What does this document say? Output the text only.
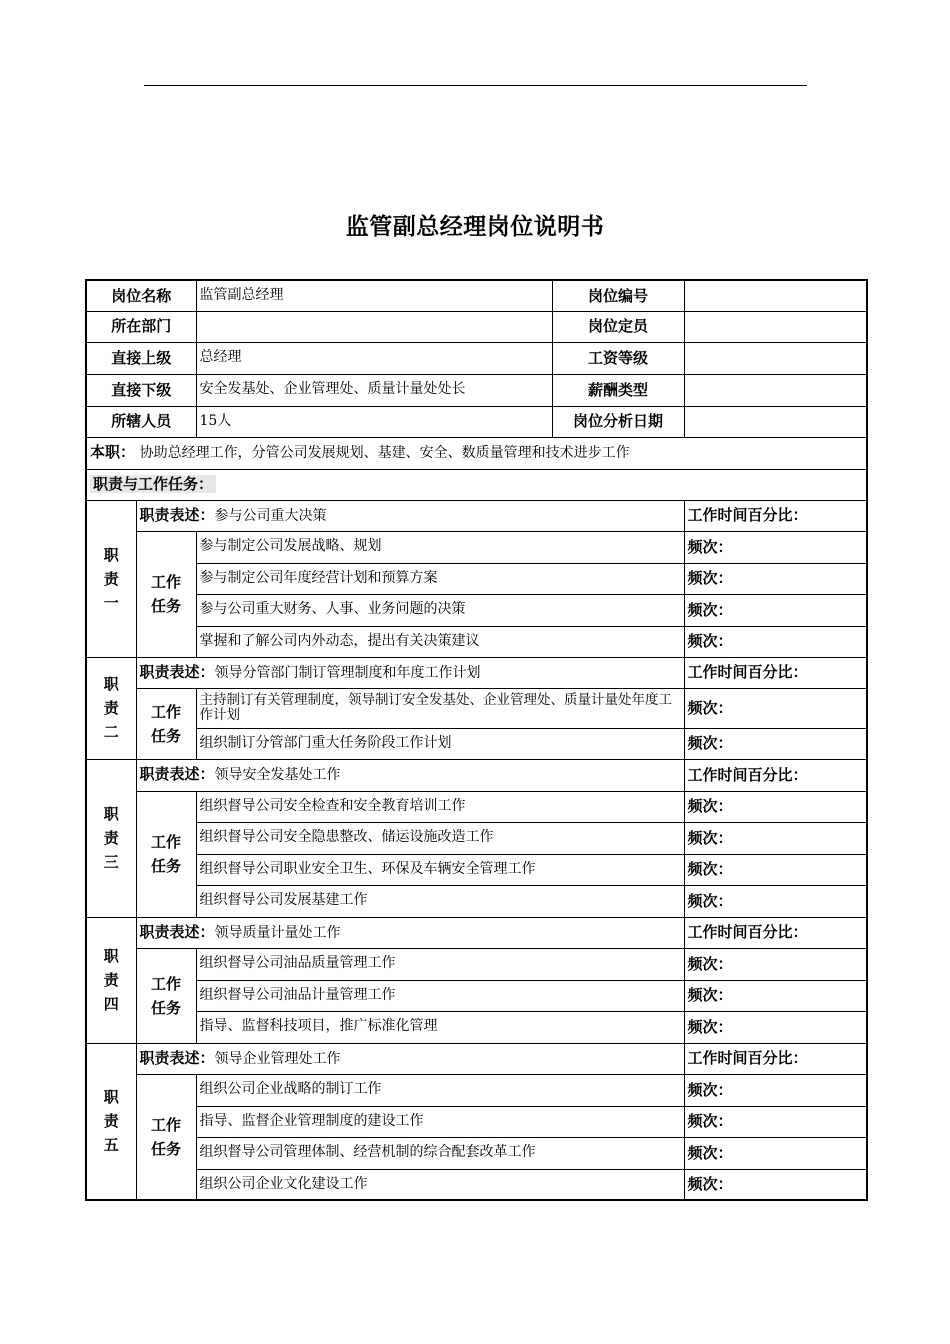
监管副总经理岗位说明书
岗位名称		监管副总经理	岗位编号	
所在部门			岗位定员	
直接上级		总经理	工资等级	
直接下级		安全发基处、企业管理处、质量计量处处长	薪酬类型	
所辖人员		15人	岗位分析日期	
本职： 协助总经理工作，分管公司发展规划、基建、安全、数质量管理和技术进步工作				
职责与工作任务：				
职
责
一	职责表述：参与公司重大决策			工作时间百分比：
	工作
任务	参与制定公司发展战略、规划		频次：
		参与制定公司年度经营计划和预算方案		频次：
		参与公司重大财务、人事、业务问题的决策		频次：
		掌握和了解公司内外动态，提出有关决策建议		频次：
职
责
二	职责表述：领导分管部门制订管理制度和年度工作计划			工作时间百分比：
	工作
任务	主持制订有关管理制度，领导制订安全发基处、企业管理处、质量计量处年度工作计划		频次：
		组织制订分管部门重大任务阶段工作计划		频次：
职
责
三	职责表述：领导安全发基处工作			工作时间百分比：
	工作
任务	组织督导公司安全检查和安全教育培训工作		频次：
		组织督导公司安全隐患整改、储运设施改造工作		频次：
		组织督导公司职业安全卫生、环保及车辆安全管理工作		频次：
		组织督导公司发展基建工作		频次：
职
责
四	职责表述：领导质量计量处工作			工作时间百分比：
	工作
任务	组织督导公司油品质量管理工作		频次：
		组织督导公司油品计量管理工作		频次：
		指导、监督科技项目，推广标准化管理		频次：
职
责
五	职责表述：领导企业管理处工作			工作时间百分比：
	工作
任务	组织公司企业战略的制订工作		频次：
		指导、监督企业管理制度的建设工作		频次：
		组织督导公司管理体制、经营机制的综合配套改革工作		频次：
		组织公司企业文化建设工作		频次：
